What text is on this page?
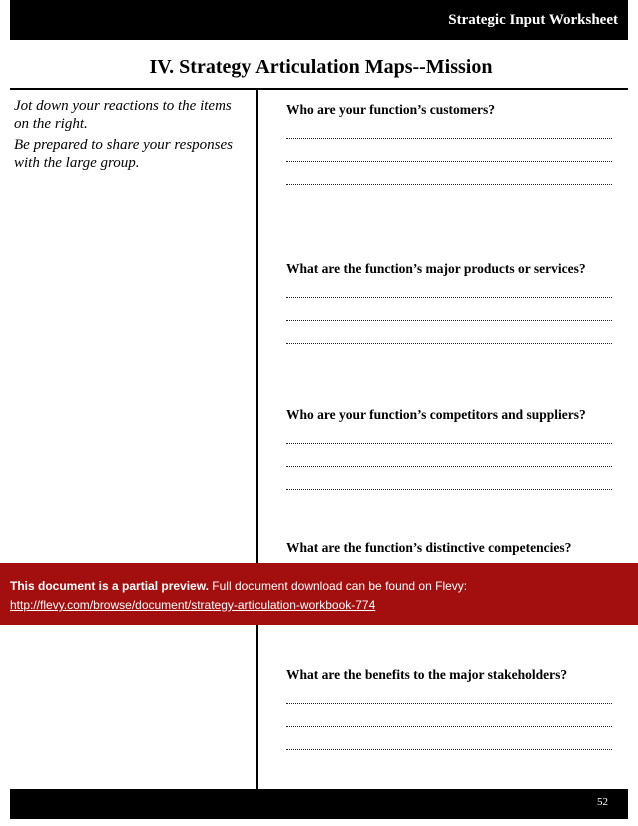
Strategic Input Worksheet
IV. Strategy Articulation Maps--Mission

Jot down your reactions to the items on the right.

Be prepared to share your responses with the large group.

Who are your function’s customers?
What are the function’s major products or services?
Who are your function’s competitors and suppliers?
What are the function’s distinctive competencies?
What are the benefits to the major stakeholders?
This document is a partial preview. Full document download can be found on Flevy:
http://flevy.com/browse/document/strategy-articulation-workbook-774
52
